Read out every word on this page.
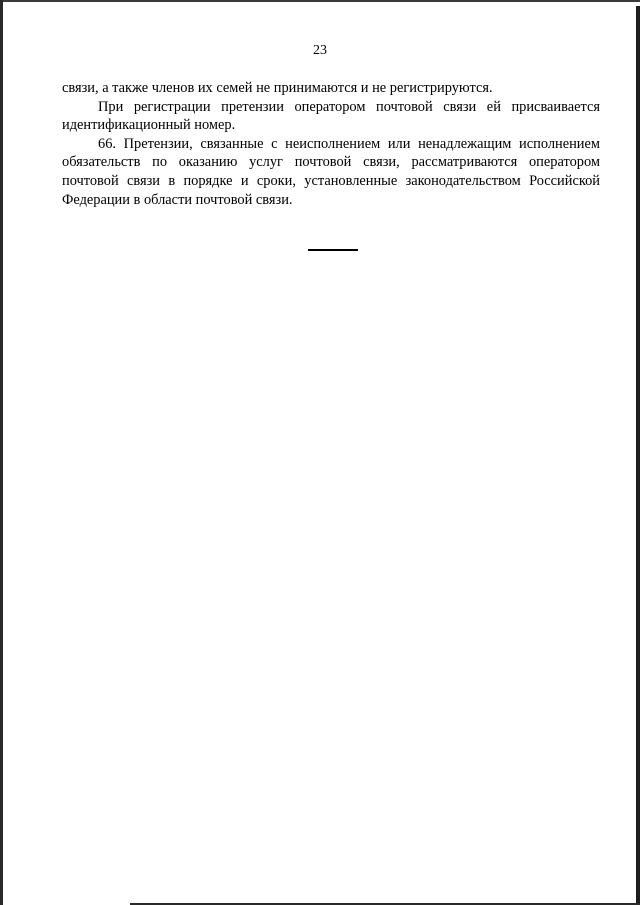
23

связи, а также членов их семей не принимаются и не регистрируются.

При регистрации претензии оператором почтовой связи ей присваивается идентификационный номер.

66. Претензии, связанные с неисполнением или ненадлежащим исполнением обязательств по оказанию услуг почтовой связи, рассматриваются оператором почтовой связи в порядке и сроки, установленные законодательством Российской Федерации в области почтовой связи.
